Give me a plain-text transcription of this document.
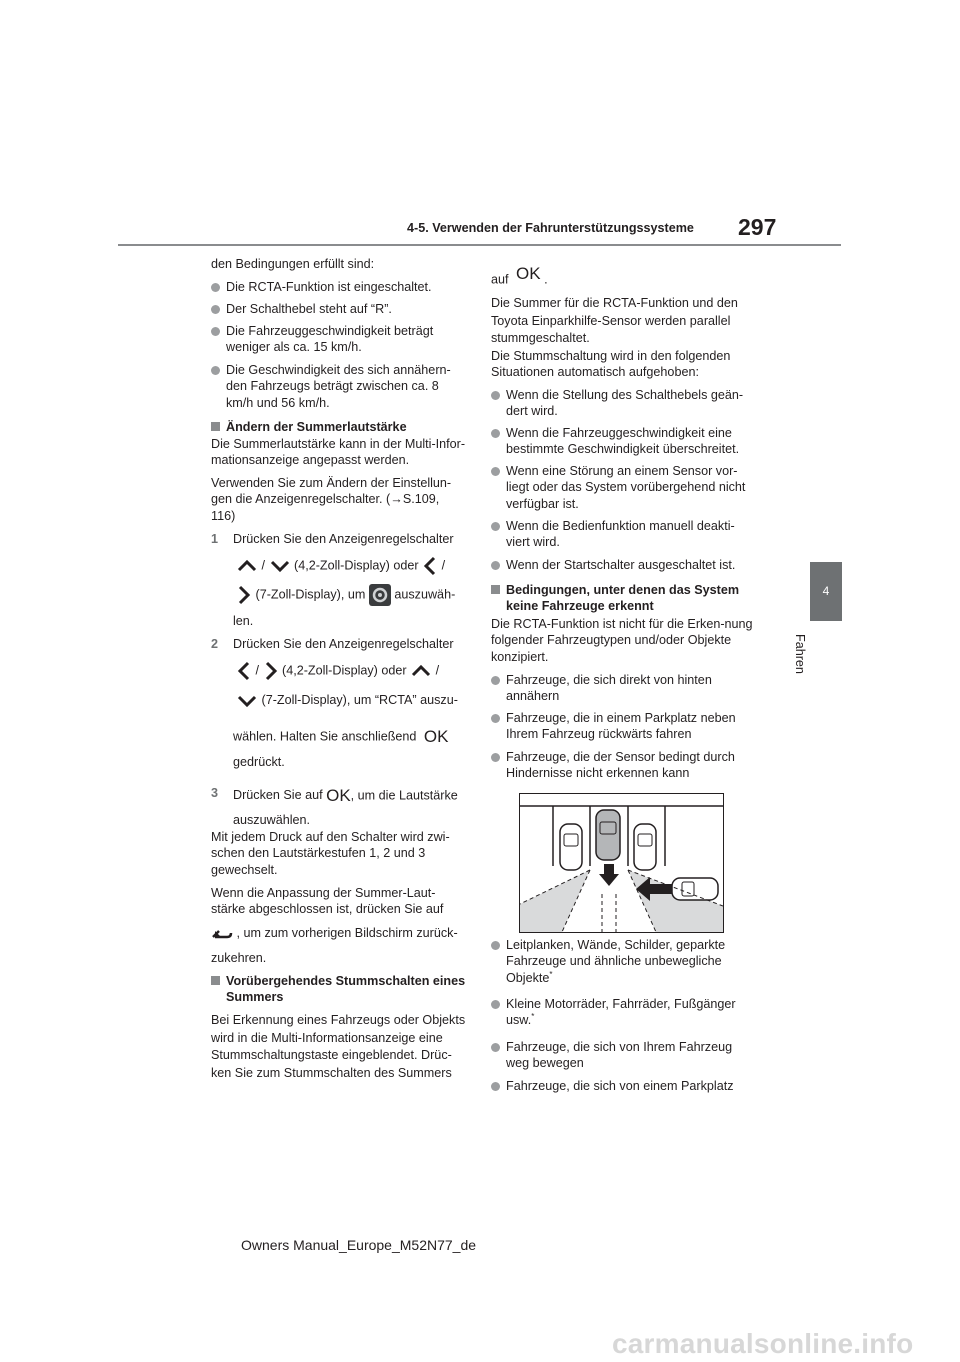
297
4-5. Verwenden der Fahrunterstützungssysteme
4
Fahren

den Bedingungen erfüllt sind:

Die RCTA-Funktion ist eingeschaltet.
Der Schalthebel steht auf “R”.
Die Fahrzeuggeschwindigkeit beträgt weniger als ca. 15 km/h.
Die Geschwindigkeit des sich annähern-den Fahrzeugs beträgt zwischen ca. 8 km/h und 56 km/h.
Ändern der Summerlautstärke
Die Summerlautstärke kann in der Multi-Infor-mationsanzeige angepasst werden.
Verwenden Sie zum Ändern der Einstellun-gen die Anzeigenregelschalter. (→S.109, 116)
1 Drücken Sie den Anzeigenregelschalter
/ (4,2-Zoll-Display) oder /
(7-Zoll-Display), um auszuwäh-
len.
2 Drücken Sie den Anzeigenregelschalter
/ (4,2-Zoll-Display) oder /
(7-Zoll-Display), um “RCTA” auszu-
wählen. Halten Sie anschließend OK
gedrückt.
3 Drücken Sie auf OK, um die Lautstärke
auszuwählen.
Mit jedem Druck auf den Schalter wird zwi-schen den Lautstärkestufen 1, 2 und 3 gewechselt.
Wenn die Anpassung der Summer-Laut-stärke abgeschlossen ist, drücken Sie auf
, um zum vorherigen Bildschirm zurück-
zukehren.
Vorübergehendes Stummschalten eines Summers
Bei Erkennung eines Fahrzeugs oder Objekts wird in die Multi-Informationsanzeige eine Stummschaltungstaste eingeblendet. Drüc-ken Sie zum Stummschalten des Summers
auf OK .
Die Summer für die RCTA-Funktion und den Toyota Einparkhilfe-Sensor werden parallel stummgeschaltet.
Die Stummschaltung wird in den folgenden Situationen automatisch aufgehoben:
Wenn die Stellung des Schalthebels geän-dert wird.
Wenn die Fahrzeuggeschwindigkeit eine bestimmte Geschwindigkeit überschreitet.
Wenn eine Störung an einem Sensor vor-liegt oder das System vorübergehend nicht verfügbar ist.
Wenn die Bedienfunktion manuell deakti-viert wird.
Wenn der Startschalter ausgeschaltet ist.
Bedingungen, unter denen das System keine Fahrzeuge erkennt
Die RCTA-Funktion ist nicht für die Erken-nung folgender Fahrzeugtypen und/oder Objekte konzipiert.
Fahrzeuge, die sich direkt von hinten annähern
Fahrzeuge, die in einem Parkplatz neben Ihrem Fahrzeug rückwärts fahren
Fahrzeuge, die der Sensor bedingt durch Hindernisse nicht erkennen kann
Leitplanken, Wände, Schilder, geparkte Fahrzeuge und ähnliche unbewegliche Objekte*
Kleine Motorräder, Fahrräder, Fußgänger usw.*
Fahrzeuge, die sich von Ihrem Fahrzeug weg bewegen
Fahrzeuge, die sich von einem Parkplatz
Owners Manual_Europe_M52N77_de
carmanualsonline.info
